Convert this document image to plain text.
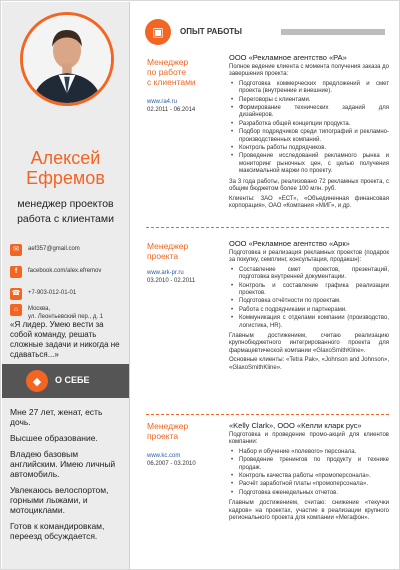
Алексей
Ефремов
менеджер проектов
работа с клиентами
✉	aef357@gmail.com
f	facebook.com/alex.efremov
☎ +7-903-012-01-01
⌂	Москва,
ул. Леонтьевский пер., д. 1
«Я лидер. Умею вести за собой команду, решать сложные задачи и никогда не сдаваться...»
◆	О СЕБЕ

Мне 27 лет, женат, есть дочь.

Высшее образование.

Владею базовым английским. Имею личный автомобиль.

Увлекаюсь велоспортом, горными лыжами, и мотоциклами.

Готов к командировкам, переезд обсуждается.

▣	ОПЫТ РАБОТЫ
Менеджер
по работе
с клиентами
www.ra4.ru
02.2011 - 06.2014
ООО «Рекламное агентство «РА»

Полное ведение клиента с момента получения заказа до завершения проекта:

• Подготовка коммерческих предложений и смет проекта (внутренние и внешние).
• Переговоры с клиентами.
• Формирование технических заданий для дизайнеров.
• Разработка общей концепции продукта.
• Подбор подрядчиков среди типографий и рекламно-производственных компаний.
• Контроль работы подрядчиков.
• Проведение исследований рекламного рынка и мониторинг рыночных цен, с целью получения максимальной маржи по проекту.

За 3 года работы, реализовано 72 рекламных проекта, с общим бюджетом более 100 млн. руб.

Клиенты: ЗАО «ЕСТ», «Объединенная финансовая корпорация», ОАО «Компания «МИГ», и др.

Менеджер
проекта
www.ark-pr.ru
03.2010 - 02.2011
ООО «Рекламное агентство «Арк»

Подготовка и реализация рекламных проектов (подарок за покупку, семплинг, консультация, продакшн):

• Составление смет проектов, презентаций, подготовка внутренней документации.
• Контроль и составление графика реализации проектов.
• Подготовка отчётности по проектам.
• Работа с подрядчиками и партнерами.
• Коммуникация с отделами компании (производство, логистика, HR).

Главным достижением, считаю реализацию крупнобюджетного интегрированного проекта для фармацевтической компании «GlaxoSmithKline».

Основные клиенты: «Tetra Pak», «Johnson and Johnson», «GlaxoSmithKline».

Менеджер
проекта
www.kc.com
06.2007 - 03.2010
«Kelly Clark», ООО «Келли кларк рус»

Подготовка и проведение промо-акций для клиентов компании:

• Набор и обучение «полевого» персонала.
• Проведение тренингов по продукту и технике продаж.
• Контроль качества работы «промоперсонала».
• Расчёт заработной платы «промоперсонала».
• Подготовка еженедельных отчетов.

Главным достижением, считаю: снижение «текучки кадров» на проектах, участие в реализации крупного регионального проекта для компании «Мегафон».
